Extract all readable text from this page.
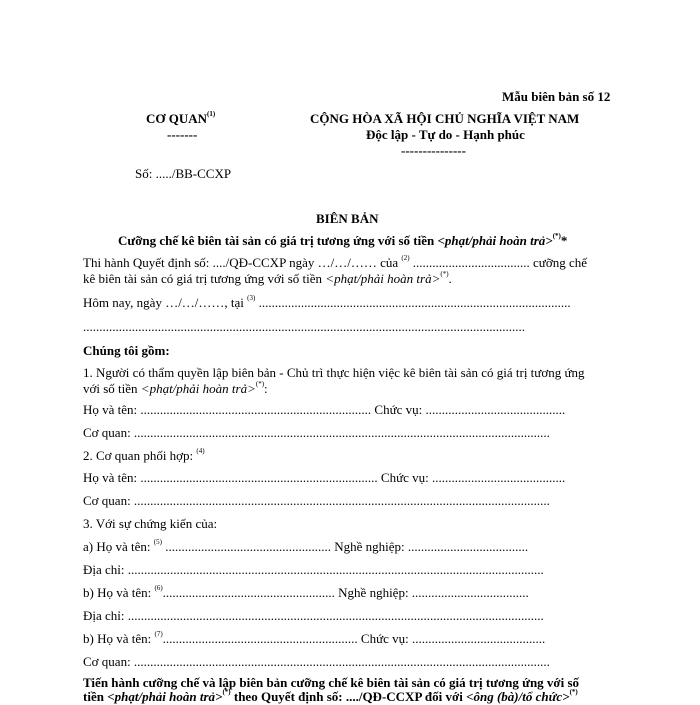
Mẫu biên bản số 12
CƠ QUAN$^{(1)}$
-------
CỘNG HÒA XÃ HỘI CHỦ NGHĨA VIỆT NAM
Độc lập - Tự do - Hạnh phúc
---------------
Số: ...../BB-CCXP
BIÊN BẢN
Cưỡng chế kê biên tài sản có giá trị tương ứng với số tiền <phạt/phải hoàn trả>(*)*
Thi hành Quyết định số: ..../QĐ-CCXP ngày …/…/…… của $^{(2)}$ .................................... cưỡng chế
kê biên tài sản có giá trị tương ứng với số tiền <phạt/phải hoàn trả>(*).
Hôm nay, ngày …/…/……, tại $^{(3)}$ ................................................................................................
........................................................................................................................................
Chúng tôi gồm:
1. Người có thẩm quyền lập biên bản - Chủ trì thực hiện việc kê biên tài sản có giá trị tương ứng
với số tiền <phạt/phải hoàn trả>(*):
Họ và tên: ....................................................................... Chức vụ: ...........................................
Cơ quan: ................................................................................................................................
2. Cơ quan phối hợp: $^{(4)}$
Họ và tên: ......................................................................... Chức vụ: .........................................
Cơ quan: ................................................................................................................................
3. Với sự chứng kiến của:
a) Họ và tên: $^{(5)}$ ................................................... Nghề nghiệp: .....................................
Địa chỉ: ................................................................................................................................
b) Họ và tên: $^{(6)}$..................................................... Nghề nghiệp: ....................................
Địa chỉ: ................................................................................................................................
b) Họ và tên: $^{(7)}$............................................................ Chức vụ: .........................................
Cơ quan: ................................................................................................................................
Tiến hành cưỡng chế và lập biên bản cưỡng chế kê biên tài sản có giá trị tương ứng với số
tiền <phạt/phải hoàn trả>(*) theo Quyết định số: ..../QĐ-CCXP đối với <ông (bà)/tổ chức>(*)
